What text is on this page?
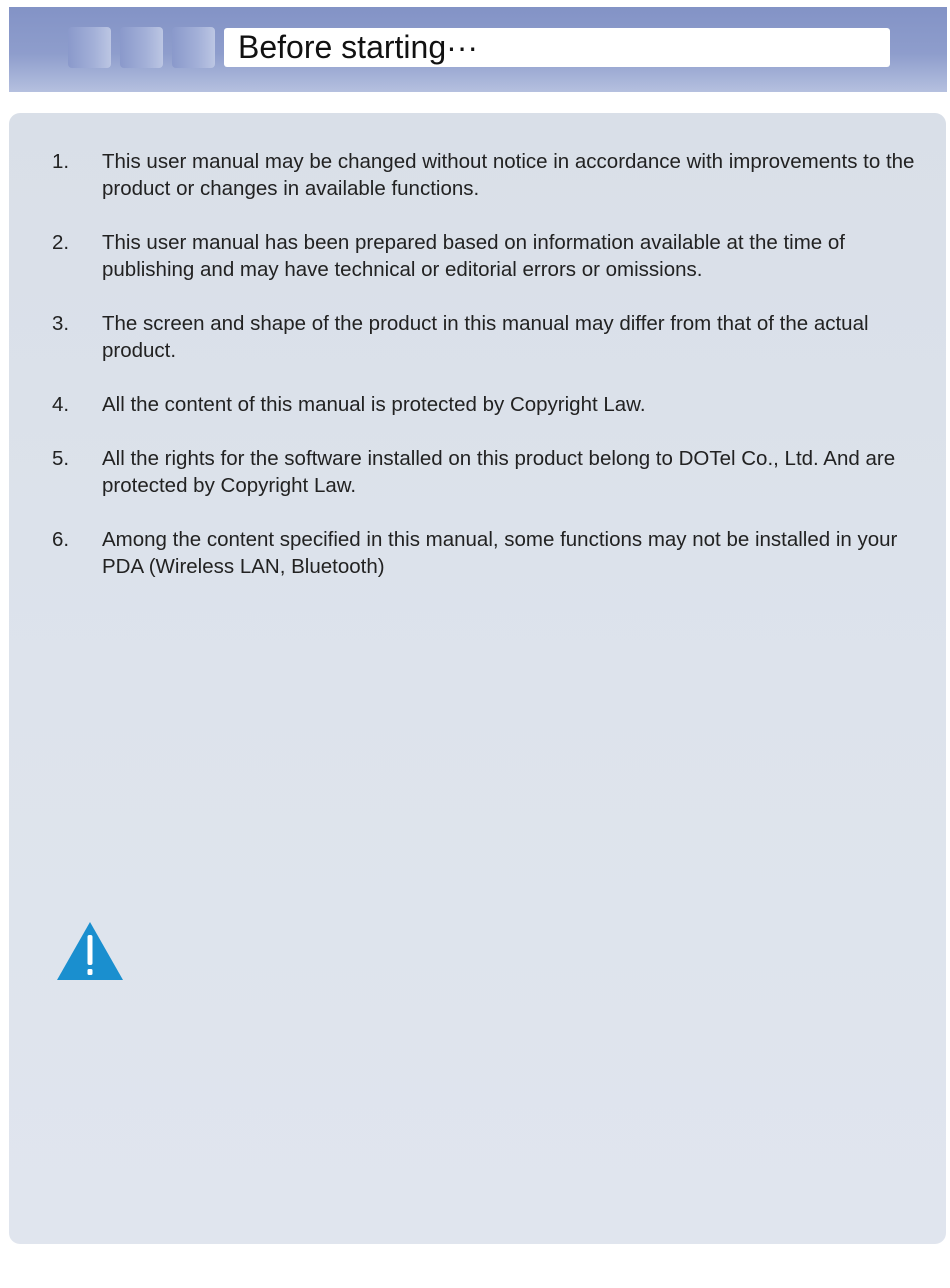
Before starting···
1.	This user manual may be changed without notice in accordance with improvements to the product or changes in available functions.
2.	This user manual has been prepared based on information available at the time of publishing and may have technical or editorial errors or omissions.
3.	The screen and shape of the product in this manual may differ from that of the actual product.
4.	All the content of this manual is protected by Copyright Law.
5.	All the rights for the software installed on this product belong to DOTel Co., Ltd. And are protected by Copyright Law.
6.	Among the content specified in this manual, some functions may not be installed in your PDA (Wireless LAN, Bluetooth)
